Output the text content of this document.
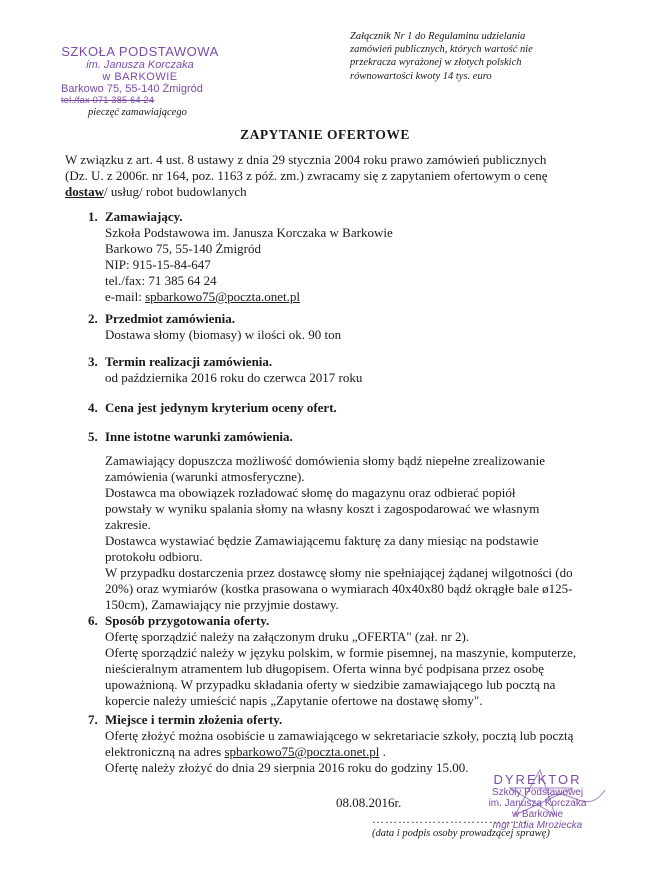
SZKOŁA PODSTAWOWA
im. Janusza Korczaka
w BARKOWIE
Barkowo 75, 55-140 Żmigród
tel./fax 071 385 64 24
pieczęć zamawiającego
Załącznik Nr 1 do Regulaminu udzielania
zamówień publicznych, których wartość nie
przekracza wyrażonej w złotych polskich
równowartości kwoty 14 tys. euro
ZAPYTANIE OFERTOWE
W związku z art. 4 ust. 8 ustawy z dnia 29 stycznia 2004 roku prawo zamówień publicznych
(Dz. U. z 2006r. nr 164, poz. 1163 z póź. zm.) zwracamy się z zapytaniem ofertowym o cenę
dostaw/ usług/ robot budowlanych
1. Zamawiający.
Szkoła Podstawowa im. Janusza Korczaka w Barkowie
Barkowo 75, 55-140 Żmigród
NIP: 915-15-84-647
tel./fax: 71 385 64 24
e-mail: spbarkowo75@poczta.onet.pl
2. Przedmiot zamówienia.
Dostawa słomy (biomasy) w ilości ok. 90 ton
3. Termin realizacji zamówienia.
od października 2016 roku do czerwca 2017 roku
4. Cena jest jedynym kryterium oceny ofert.
5. Inne istotne warunki zamówienia.
Zamawiający dopuszcza możliwość domówienia słomy bądź niepełne zrealizowanie
zamówienia (warunki atmosferyczne).
Dostawca ma obowiązek rozładować słomę do magazynu oraz odbierać popiół
powstały w wyniku spalania słomy na własny koszt i zagospodarować we własnym
zakresie.
Dostawca wystawiać będzie Zamawiającemu fakturę za dany miesiąc na podstawie
protokołu odbioru.
W przypadku dostarczenia przez dostawcę słomy nie spełniającej żądanej wilgotności (do
20%) oraz wymiarów (kostka prasowana o wymiarach 40x40x80 bądź okrągłe bale ø125-
150cm), Zamawiający nie przyjmie dostawy.
6. Sposób przygotowania oferty.
Ofertę sporządzić należy na załączonym druku „OFERTA" (zał. nr 2).
Ofertę sporządzić należy w języku polskim, w formie pisemnej, na maszynie, komputerze,
nieścieralnym atramentem lub długopisem. Oferta winna być podpisana przez osobę
upoważnioną. W przypadku składania oferty w siedzibie zamawiającego lub pocztą na
kopercie należy umieścić napis „Zapytanie ofertowe na dostawę słomy".
7. Miejsce i termin złożenia oferty.
Ofertę złożyć można osobiście u zamawiającego w sekretariacie szkoły, pocztą lub pocztą
elektroniczną na adres spbarkowo75@poczta.onet.pl .
Ofertę należy złożyć do dnia 29 sierpnia 2016 roku do godziny 15.00.
DYREKTOR
Szkoły Podstawowej
im. Janusza Korczaka
w Barkowie
mgr Lidia Mroziecka
08.08.2016r.
………………………………
(data i podpis osoby prowadzącej sprawę)
